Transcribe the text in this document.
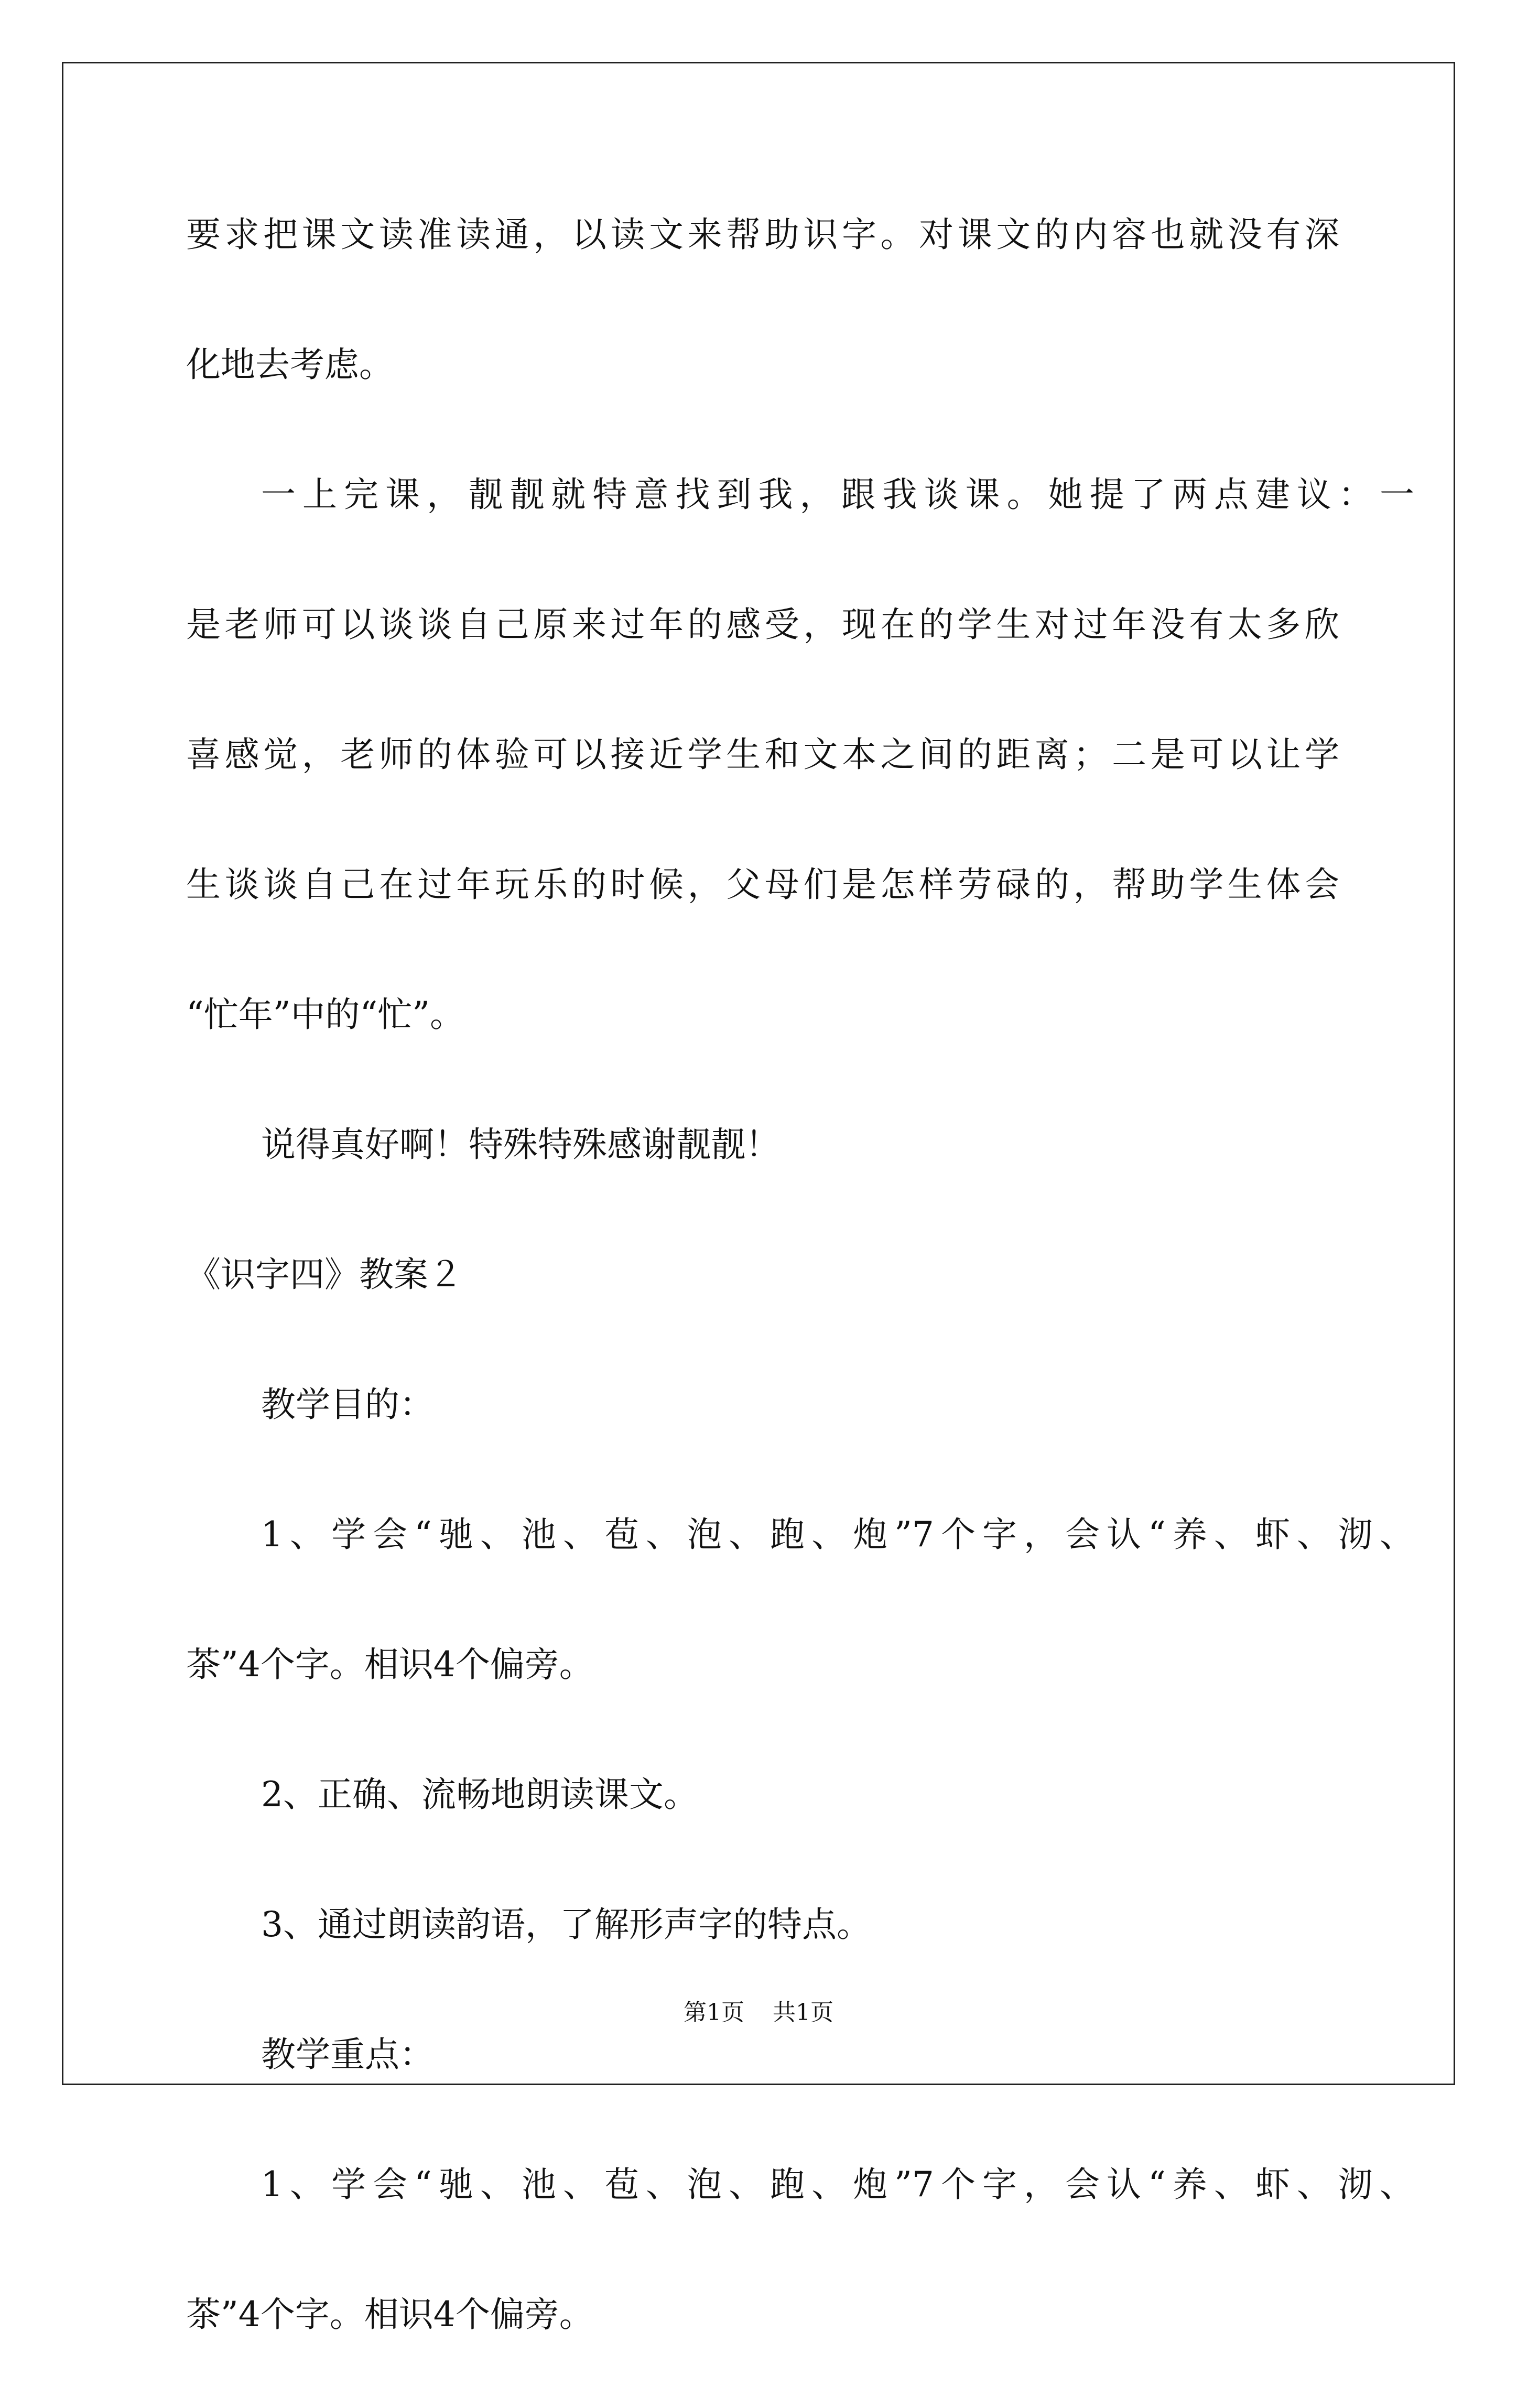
要求把课文读准读通，以读文来帮助识字。对课文的内容也就没有深
化地去考虑。
一上完课，靓靓就特意找到我，跟我谈课。她提了两点建议：一
是老师可以谈谈自己原来过年的感受，现在的学生对过年没有太多欣
喜感觉，老师的体验可以接近学生和文本之间的距离；二是可以让学
生谈谈自己在过年玩乐的时候，父母们是怎样劳碌的，帮助学生体会
“忙年”中的“忙”。
说得真好啊！特殊特殊感谢靓靓！
《识字四》教案２
教学目的：
1、学会“驰、池、苞、泡、跑、炮”7个字，会认“养、虾、沏、
茶”4个字。相识4个偏旁。
2、正确、流畅地朗读课文。
3、通过朗读韵语，了解形声字的特点。
教学重点：
1、学会“驰、池、苞、泡、跑、炮”7个字，会认“养、虾、沏、
茶”4个字。相识4个偏旁。
第1页 共1页
